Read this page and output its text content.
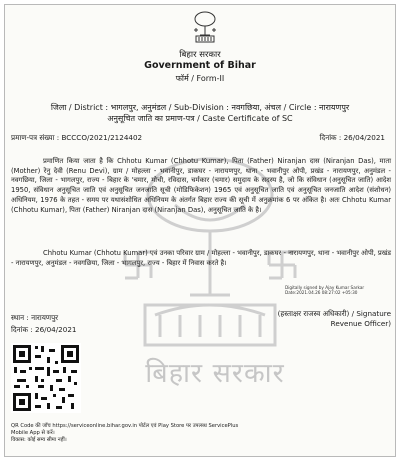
बिहार सरकार
बिहार सरकार
Government of Bihar
फॉर्म / Form-II
जिला / District : भागलपुर, अनुमंडल / Sub-Division : नवगछिया, अंचल / Circle : नारायणपुर
अनुसूचित जाति का प्रमाण-पत्र / Caste Certificate of SC
प्रमाण-पत्र संख्या : BCCCO/2021/2124402	दिनांक : 26/04/2021
प्रमाणित किया जाता है कि Chhotu Kumar (Chhotu Kumar), पिता (Father) Niranjan दास (Niranjan Das), माता (Mother) रेनु देवी (Renu Devi), ग्राम / मोहल्ला - भवानीपुर, डाकघर - नारायणपुर, थाना - भवानीपुर ओपी, प्रखंड - नारायणपुर, अनुमंडल - नवगछिया, जिला - भागलपुर, राज्य - बिहार के 'चमार, मोची, रविदास, चर्मकार (चमार) समुदाय के सदस्य है, जो कि संविधान (अनुसूचित जाति) आदेश 1950, संविधान अनुसूचित जाति एवं अनुसूचित जनजाति सूची (मोडिफिकेशन) 1965 एवं अनुसूचित जाति एवं अनुसूचित जनजाति आदेश (संशोधन) अधिनियम, 1976 के तहत - समय पर यथासंशोधित अधिनियम के अंतर्गत बिहार राज्य की सूची में अनुक्रमांक 6 पर अंकित है। अतः Chhotu Kumar (Chhotu Kumar), पिता (Father) Niranjan दास (Niranjan Das), अनुसूचित जाति के है।
Chhotu Kumar (Chhotu Kumar) एवं उनका परिवार ग्राम / मोहल्ला - भवानीपुर, डाकघर - नारायणपुर, थाना - भवानीपुर ओपी, प्रखंड - नारायणपुर, अनुमंडल - नवगछिया, जिला - भागलपुर, राज्य - बिहार में निवास करते है।
Digitally signed by Ajay Kumar Sarkar
Date:2021.04.26 08:27:02 +05:30
स्थान : नारायणपुर
दिनांक : 26/04/2021
(हस्ताक्षर राजस्व अधिकारी) / Signature
Revenue Officer)
QR Code की जाँच https://serviceonline.bihar.gov.in पोर्टल एवं Play Store पर उपलब्ध ServicePlus
Mobile App से करें।
विकास: कोई सम्य सीमा नहीं।
